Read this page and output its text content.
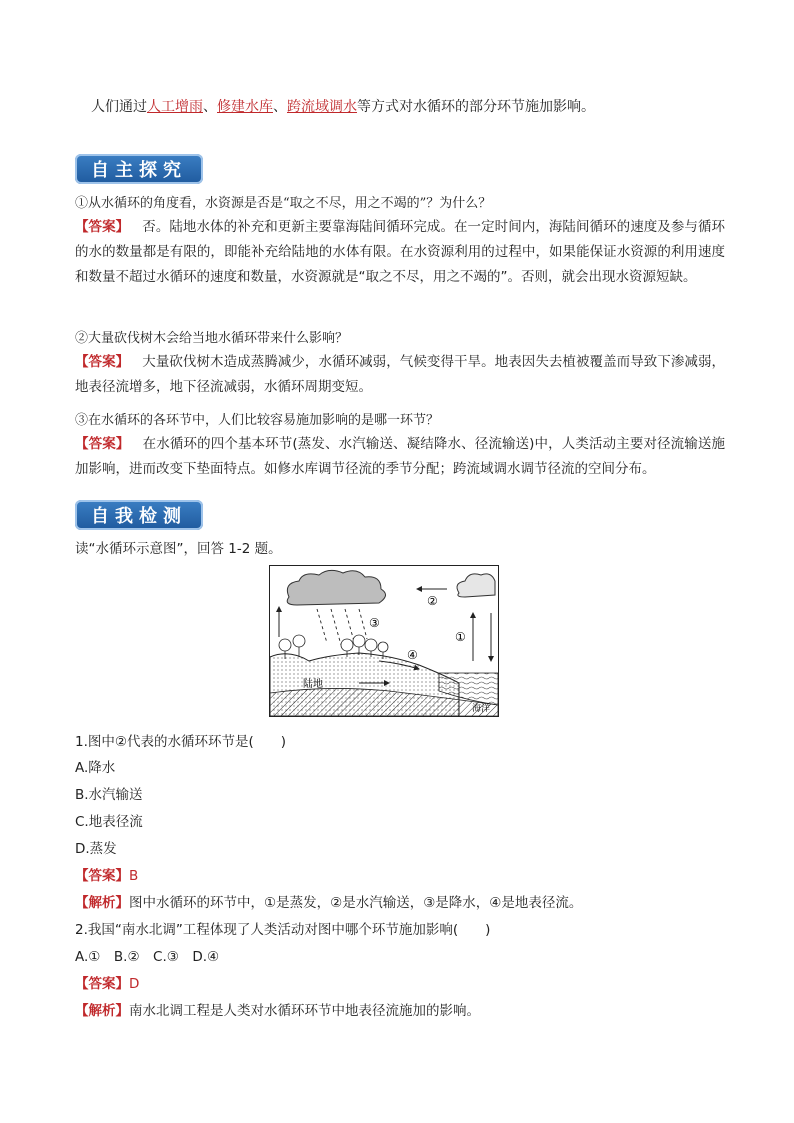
人们通过人工增雨、修建水库、跨流域调水等方式对水循环的部分环节施加影响。
自主探究
①从水循环的角度看，水资源是否是“取之不尽，用之不竭的”？为什么？
【答案】 否。陆地水体的补充和更新主要靠海陆间循环完成。在一定时间内，海陆间循环的速度及参与循环的水的数量都是有限的，即能补充给陆地的水体有限。在水资源利用的过程中，如果能保证水资源的利用速度和数量不超过水循环的速度和数量，水资源就是“取之不尽，用之不竭的”。否则，就会出现水资源短缺。
②大量砍伐树木会给当地水循环带来什么影响？
【答案】 大量砍伐树木造成蒸腾减少，水循环减弱，气候变得干旱。地表因失去植被覆盖而导致下渗减弱，地表径流增多，地下径流减弱，水循环周期变短。
③在水循环的各环节中，人们比较容易施加影响的是哪一环节？
【答案】 在水循环的四个基本环节(蒸发、水汽输送、凝结降水、径流输送)中，人类活动主要对径流输送施加影响，进而改变下垫面特点。如修水库调节径流的季节分配；跨流域调水调节径流的空间分布。
自我检测
读“水循环示意图”，回答 1-2 题。
②
③
①
④
陆地
海洋
1.图中②代表的水循环环节是(　　)
A.降水
B.水汽输送
C.地表径流
D.蒸发
【答案】B
【解析】图中水循环的环节中，①是蒸发，②是水汽输送，③是降水，④是地表径流。
2.我国“南水北调”工程体现了人类活动对图中哪个环节施加影响(　　)
A.①　B.②　C.③　D.④
【答案】D
【解析】南水北调工程是人类对水循环环节中地表径流施加的影响。
